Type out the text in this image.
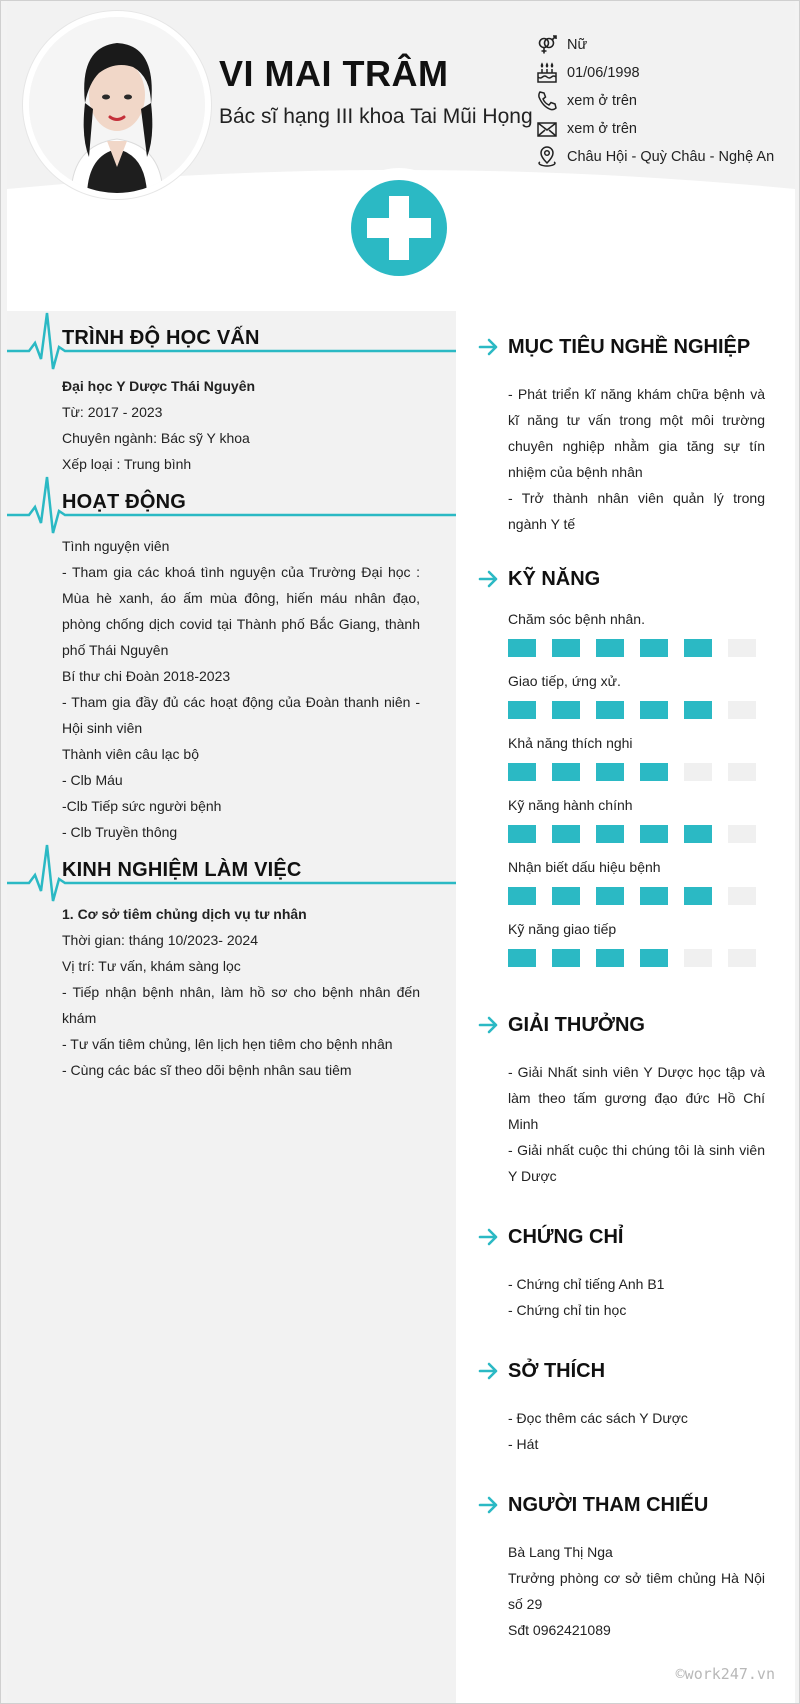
VI MAI TRÂM
Bác sĩ hạng III khoa Tai Mũi Họng
Nữ
01/06/1998
xem ở trên
xem ở trên
Châu Hội - Quỳ Châu - Nghệ An
TRÌNH ĐỘ HỌC VẤN
Đại học Y Dược Thái Nguyên
Từ: 2017 - 2023
Chuyên ngành: Bác sỹ Y khoa
Xếp loại : Trung bình
HOẠT ĐỘNG
Tình nguyện viên
- Tham gia các khoá tình nguyện của Trường Đại học : Mùa hè xanh, áo ấm mùa đông, hiến máu nhân đạo, phòng chống dịch covid tại Thành phố Bắc Giang, thành phố Thái Nguyên
Bí thư chi Đoàn 2018-2023
- Tham gia đầy đủ các hoạt động của Đoàn thanh niên - Hội sinh viên
Thành viên câu lạc bộ
- Clb Máu
-Clb Tiếp sức người bệnh
- Clb Truyền thông
KINH NGHIỆM LÀM VIỆC
1. Cơ sở tiêm chủng dịch vụ tư nhân
Thời gian: tháng 10/2023- 2024
Vị trí: Tư vấn, khám sàng lọc
- Tiếp nhận bệnh nhân, làm hồ sơ cho bệnh nhân đến khám
- Tư vấn tiêm chủng, lên lịch hẹn tiêm cho bệnh nhân
- Cùng các bác sĩ theo dõi bệnh nhân sau tiêm
MỤC TIÊU NGHỀ NGHIỆP
- Phát triển kĩ năng khám chữa bệnh và kĩ năng tư vấn trong một môi trường chuyên nghiệp nhằm gia tăng sự tín nhiệm của bệnh nhân
- Trở thành nhân viên quản lý trong ngành Y tế
KỸ NĂNG
Chăm sóc bệnh nhân.
Giao tiếp, ứng xử.
Khả năng thích nghi
Kỹ năng hành chính
Nhận biết dấu hiệu bệnh
Kỹ năng giao tiếp
GIẢI THƯỞNG
- Giải Nhất sinh viên Y Dược học tập và làm theo tấm gương đạo đức Hồ Chí Minh
- Giải nhất cuộc thi chúng tôi là sinh viên Y Dược
CHỨNG CHỈ
- Chứng chỉ tiếng Anh B1
- Chứng chỉ tin học
SỞ THÍCH
- Đọc thêm các sách Y Dược
- Hát
NGƯỜI THAM CHIẾU
Bà Lang Thị Nga
Trưởng phòng cơ sở tiêm chủng Hà Nội số 29
Sđt 0962421089
©work247.vn
